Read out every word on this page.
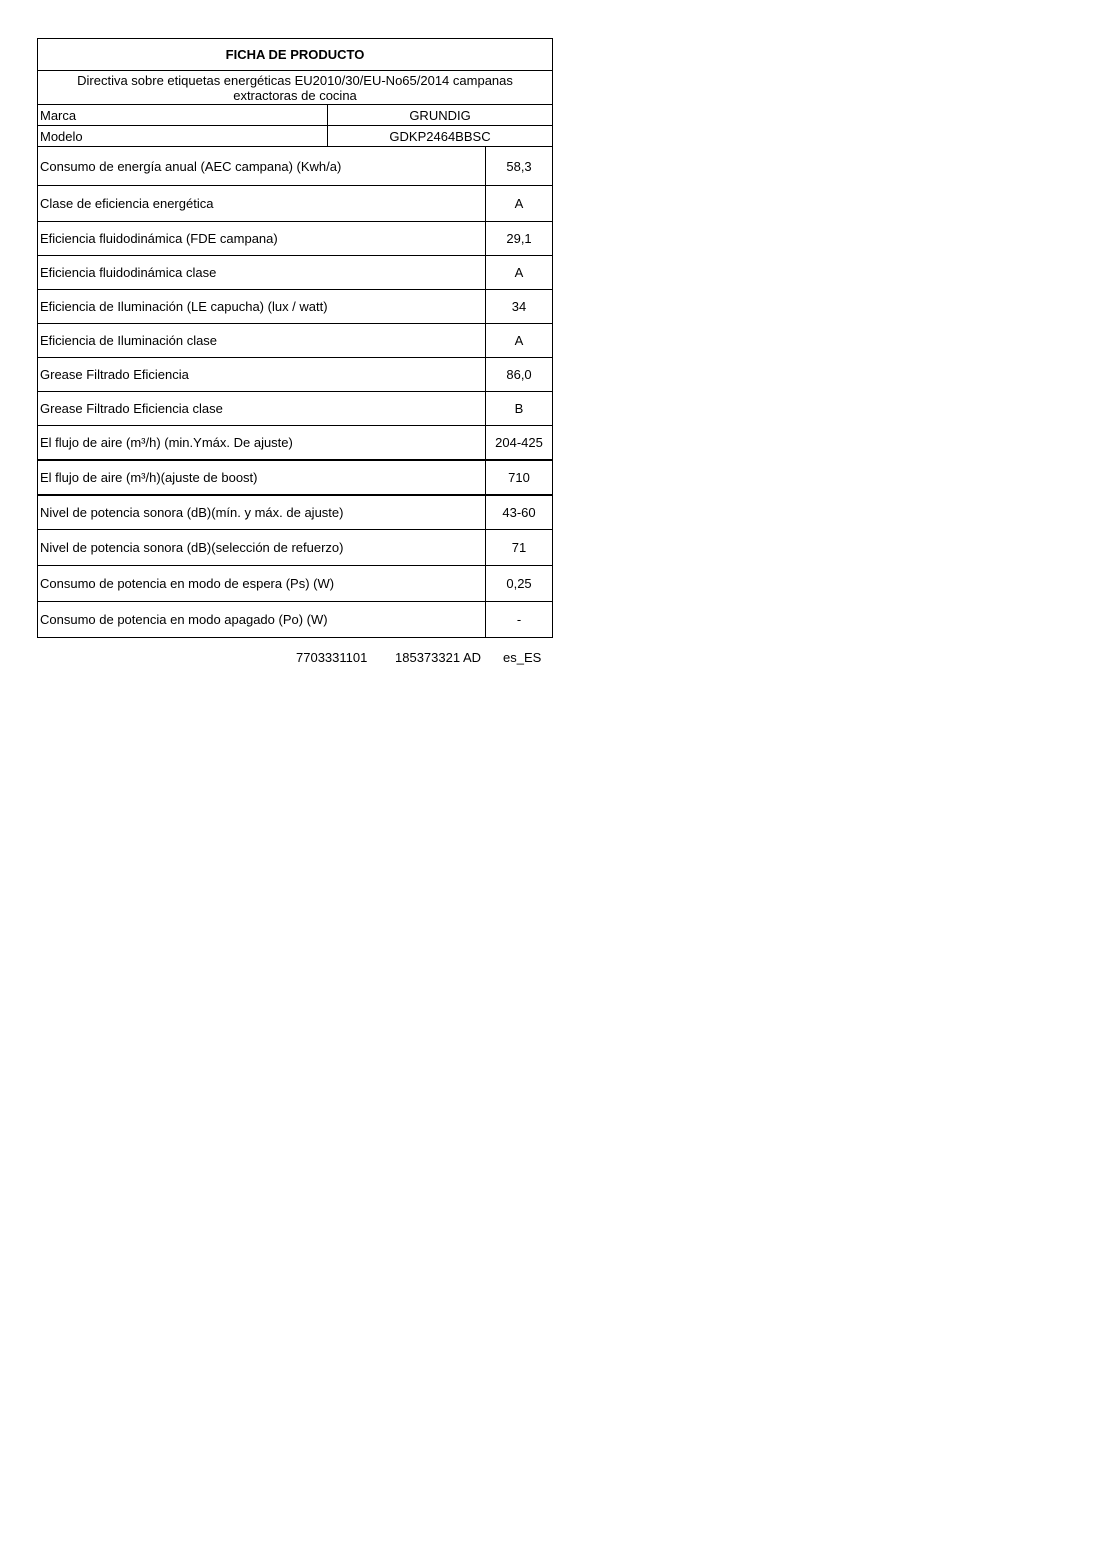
FICHA DE PRODUCTO		
Directiva sobre etiquetas energéticas EU2010/30/EU-No65/2014 campanas extractoras de cocina		
Marca	GRUNDIG	
Modelo	GDKP2464BBSC	
Consumo de energía anual (AEC campana) (Kwh/a)		58,3
Clase de eficiencia energética		A
Eficiencia fluidodinámica (FDE campana)		29,1
Eficiencia fluidodinámica clase		A
Eficiencia de Iluminación (LE capucha) (lux / watt)		34
Eficiencia de Iluminación clase		A
Grease Filtrado Eficiencia		86,0
Grease Filtrado Eficiencia clase		B
El flujo de aire (m³/h) (min.Ymáx. De ajuste)		204-425
El flujo de aire (m³/h)(ajuste de boost)		710
Nivel de potencia sonora (dB)(mín. y máx. de ajuste)		43-60
Nivel de potencia sonora (dB)(selección de refuerzo)		71
Consumo de potencia en modo de espera (Ps) (W)		0,25
Consumo de potencia en modo apagado (Po) (W)		-
7703331101 185373321 AD es_ES
